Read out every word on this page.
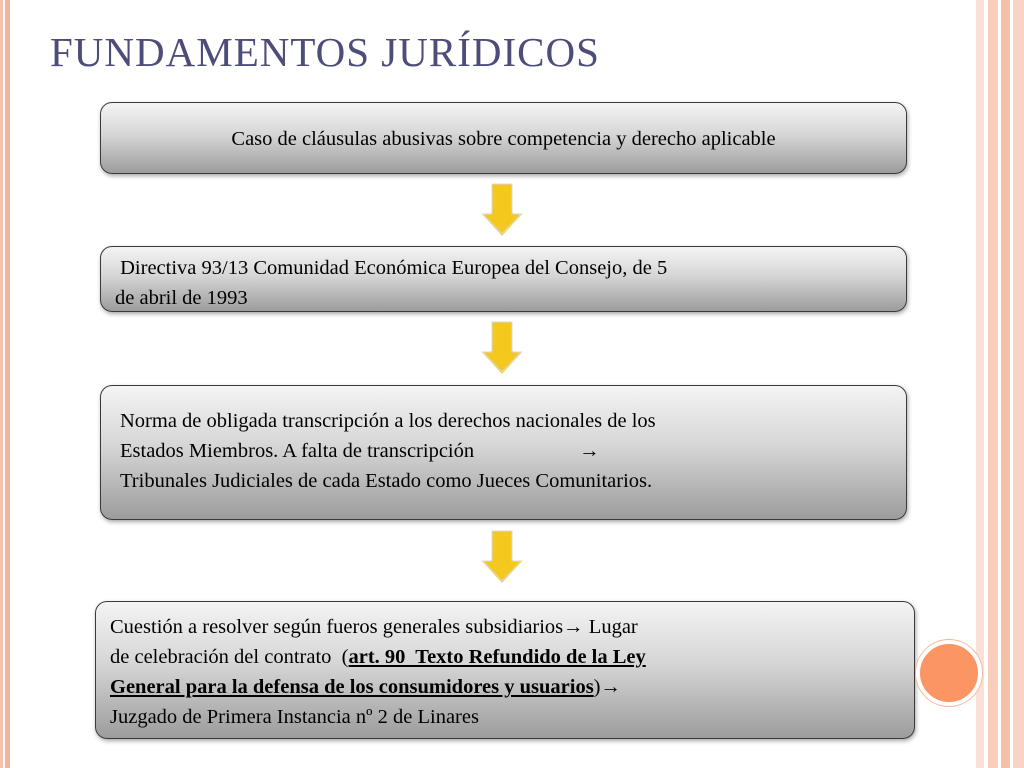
FUNDAMENTOS JURÍDICOS
Caso de cláusulas abusivas sobre competencia y derecho aplicable
Directiva 93/13 Comunidad Económica Europea del Consejo, de 5
de abril de 1993
Norma de obligada transcripción a los derechos nacionales de los
Estados Miembros. A falta de transcripción	→
Tribunales Judiciales de cada Estado como Jueces Comunitarios.
Cuestión a resolver según fueros generales subsidiarios→ Lugar
de celebración del contrato  (art. 90  Texto Refundido de la Ley
General para la defensa de los consumidores y usuarios)→
Juzgado de Primera Instancia nº 2 de Linares
